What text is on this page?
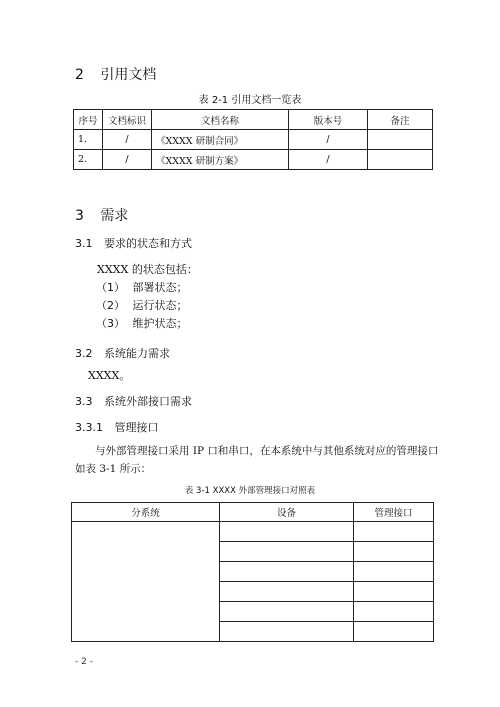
2 引用文档
表 2-1 引用文档一览表
序号	文档标识	文档名称	版本号	备注
1.	/	《XXXX 研制合同》	/	
2.	/	《XXXX 研制方案》	/	
3 需求
3.1 要求的状态和方式
XXXX 的状态包括：
（1） 部署状态；
（2） 运行状态；
（3） 维护状态；
3.2 系统能力需求
XXXX。
3.3 系统外部接口需求
3.3.1 管理接口
与外部管理接口采用 IP 口和串口，在本系统中与其他系统对应的管理接口
如表 3-1 所示：
表 3-1 XXXX 外部管理接口对照表
分系统	设备	管理接口

- 2 -
